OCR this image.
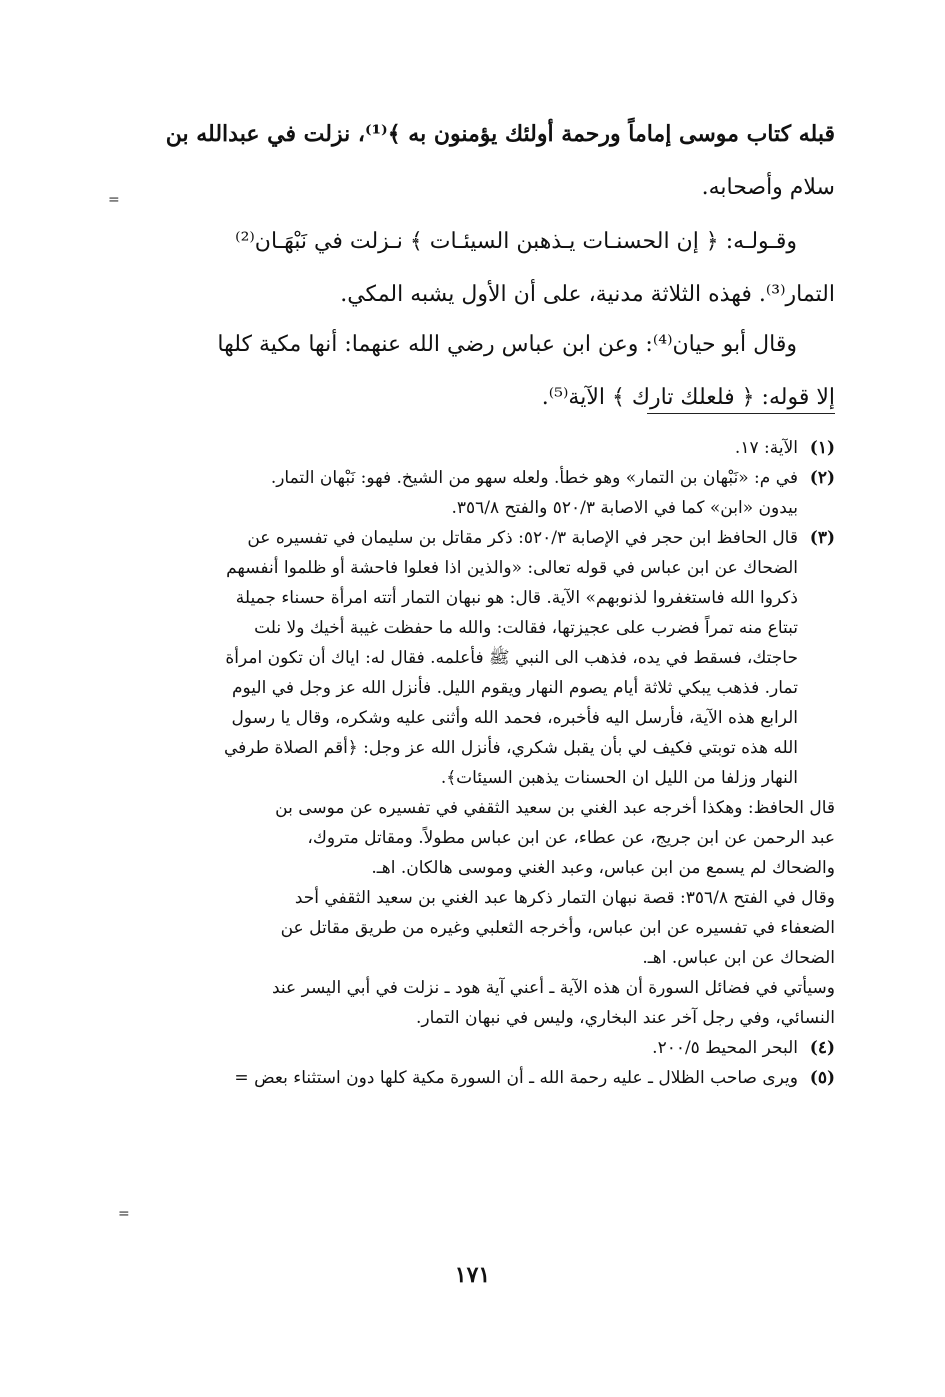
=

قبله كتاب موسى إماماً ورحمة أولئك يؤمنون به ﴾⁽¹⁾، نزلت في عبدالله بن

سلام وأصحابه.

وقـولـه: ﴿ إن الحسنـات يـذهبن السيئـات ﴾ نـزلت في نَبْهَـان⁽²⁾

التمار⁽³⁾. فهذه الثلاثة مدنية، على أن الأول يشبه المكي.

وقال أبو حيان⁽⁴⁾: وعن ابن عباس رضي الله عنهما: أنها مكية كلها

إلا قوله: ﴿ فلعلك تارك ﴾ الآية⁽⁵⁾.

(١)
الآية: ١٧.
(٢)
في م: «نَبْهان بن التمار» وهو خطأ. ولعله سهو من الشيخ. فهو: نَبْهان التمار.
بيدون «ابن» كما في الاصابة ٥٢٠/٣ والفتح ٣٥٦/٨.
(٣)
قال الحافظ ابن حجر في الإصابة ٥٢٠/٣: ذكر مقاتل بن سليمان في تفسيره عن
الضحاك عن ابن عباس في قوله تعالى: «والذين اذا فعلوا فاحشة أو ظلموا أنفسهم
ذكروا الله فاستغفروا لذنوبهم» الآية. قال: هو نبهان التمار أتته امرأة حسناء جميلة
تبتاع منه تمراً فضرب على عجيزتها، فقالت: والله ما حفظت غيبة أخيك ولا نلت
حاجتك، فسقط في يده، فذهب الى النبي ﷺ فأعلمه. فقال له: اياك أن تكون امرأة
تمار. فذهب يبكي ثلاثة أيام يصوم النهار ويقوم الليل. فأنزل الله عز وجل في اليوم
الرابع هذه الآية، فأرسل اليه فأخبره، فحمد الله وأثنى عليه وشكره، وقال يا رسول
الله هذه توبتي فكيف لي بأن يقبل شكري، فأنزل الله عز وجل: ﴿أقم الصلاة طرفي
النهار وزلفا من الليل ان الحسنات يذهبن السيئات﴾.
قال الحافظ: وهكذا أخرجه عبد الغني بن سعيد الثقفي في تفسيره عن موسى بن
عبد الرحمن عن ابن جريج، عن عطاء، عن ابن عباس مطولاً. ومقاتل متروك،
والضحاك لم يسمع من ابن عباس، وعبد الغني وموسى هالكان. اهـ.
وقال في الفتح ٣٥٦/٨: قصة نبهان التمار ذكرها عبد الغني بن سعيد الثقفي أحد
الضعفاء في تفسيره عن ابن عباس، وأخرجه الثعلبي وغيره من طريق مقاتل عن
الضحاك عن ابن عباس. اهـ.
وسيأتي في فضائل السورة أن هذه الآية ـ أعني آية هود ـ نزلت في أبي اليسر عند
النسائي، وفي رجل آخر عند البخاري، وليس في نبهان التمار.
(٤)
البحر المحيط ٢٠٠/٥.
(٥)
ويرى صاحب الظلال ـ عليه رحمة الله ـ أن السورة مكية كلها دون استثناء بعض =
=
١٧١
